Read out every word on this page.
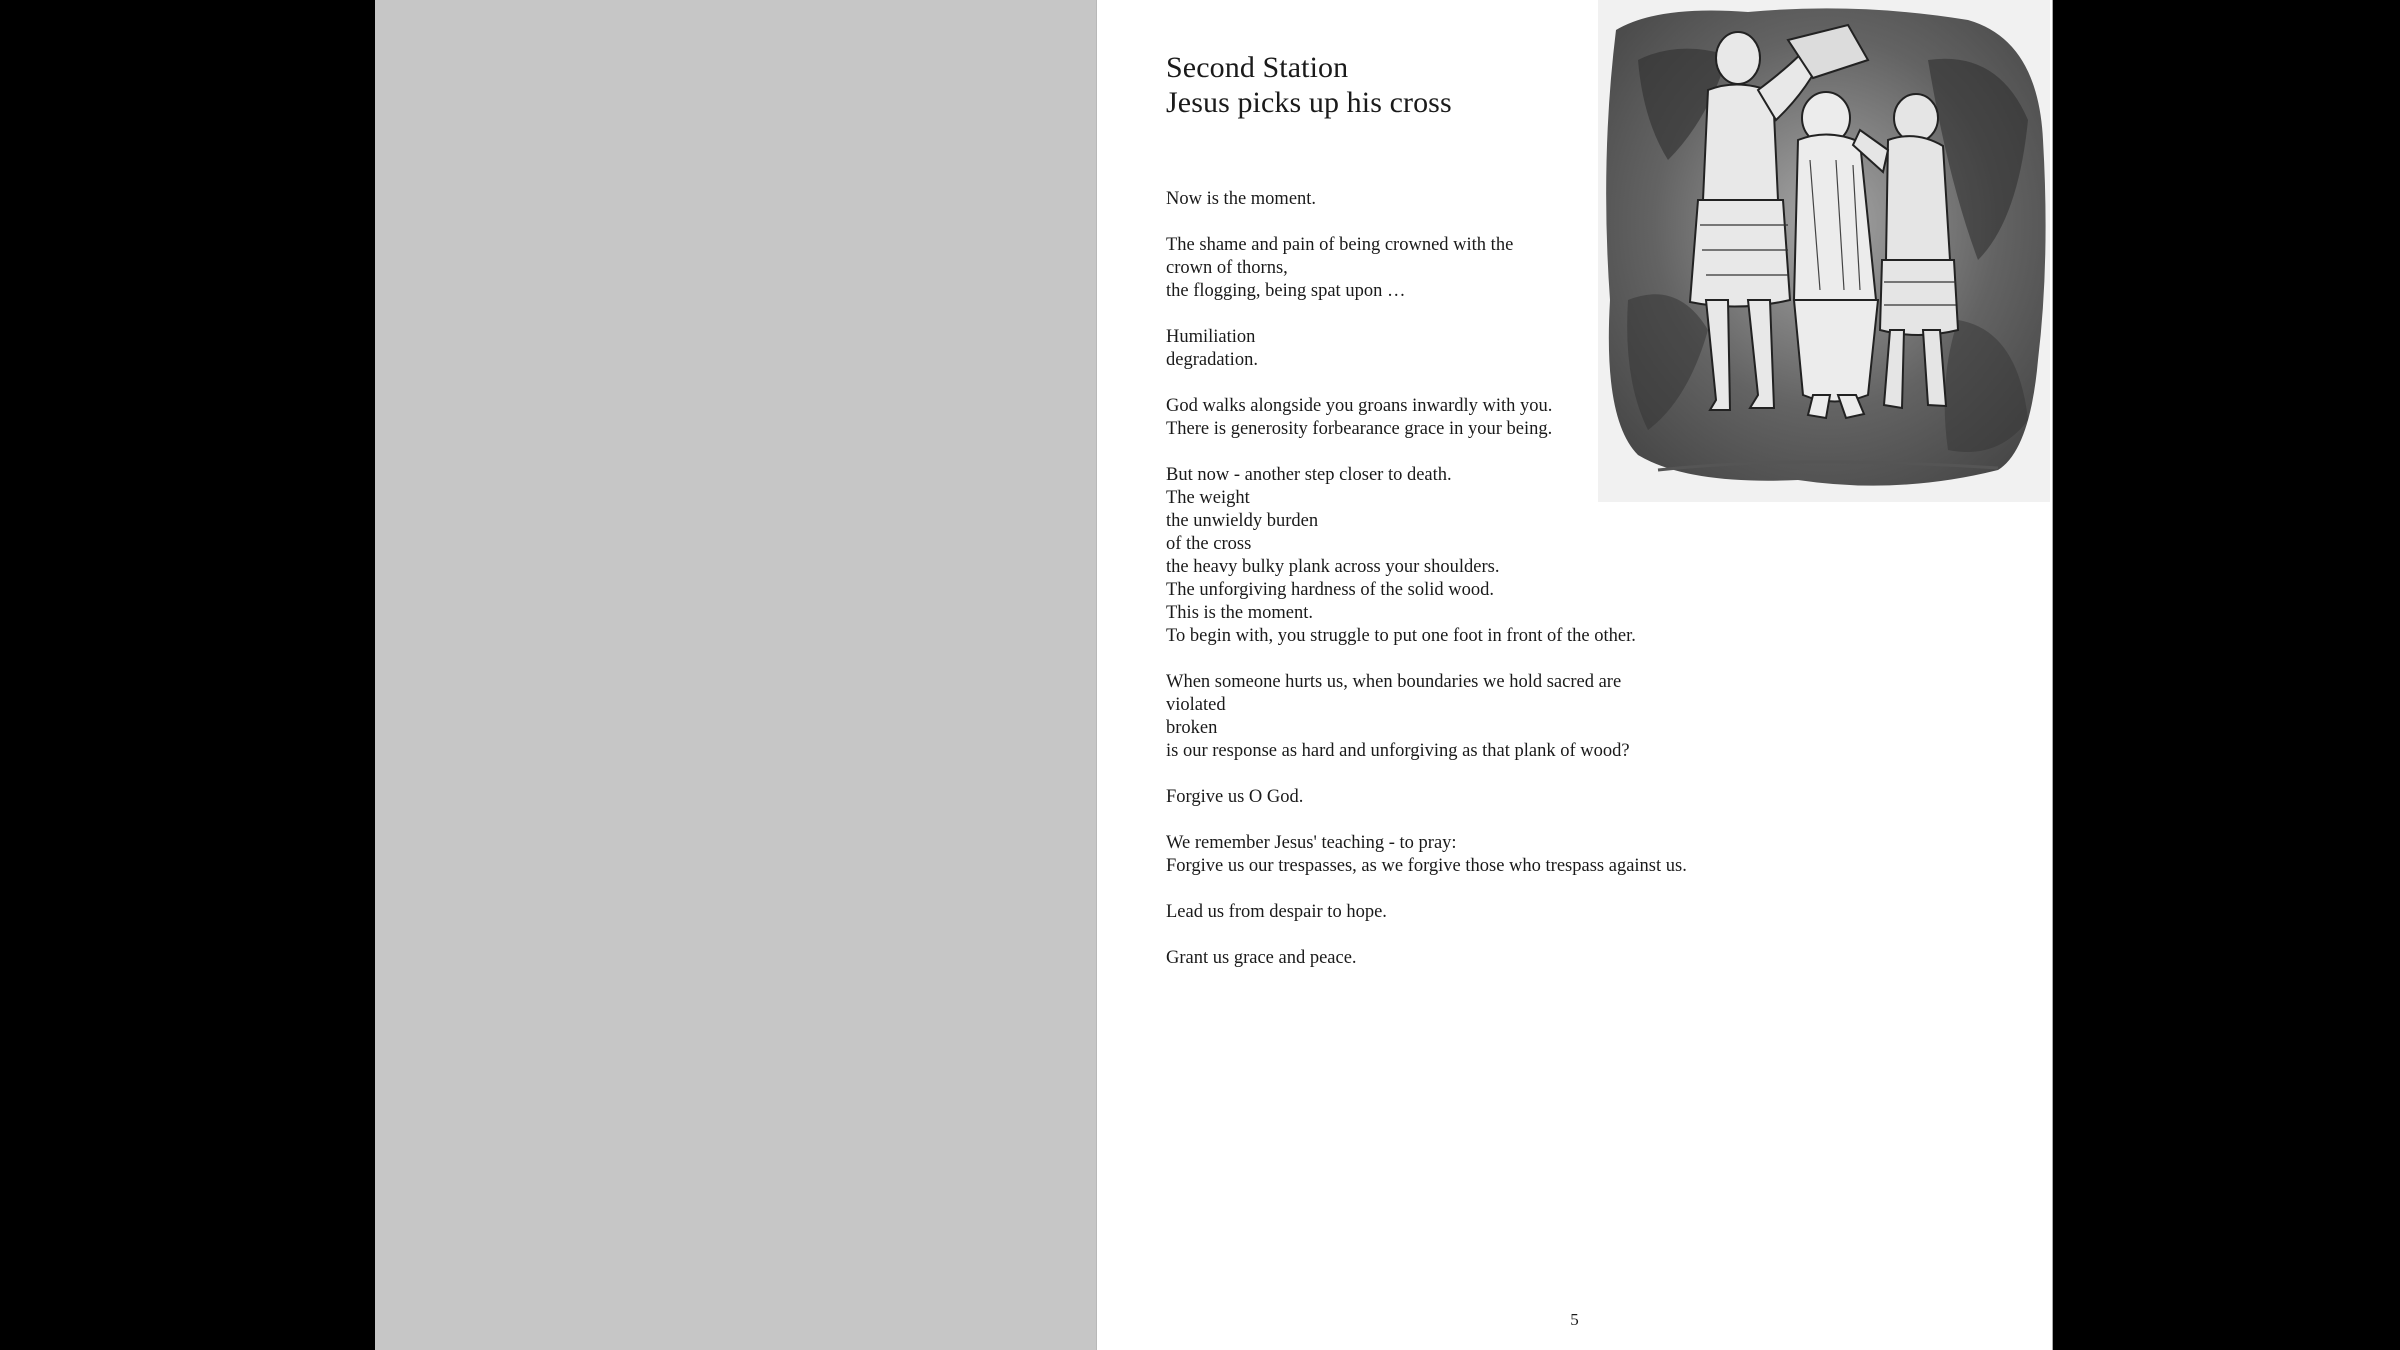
Second Station
Jesus picks up his cross
Now is the moment.
The shame and pain of being crowned with the
crown of thorns,
the flogging, being spat upon …
Humiliation
degradation.
God walks alongside you groans inwardly with you.
There is generosity forbearance grace in your being.
But now - another step closer to death.
The weight
the unwieldy burden
of the cross
the heavy bulky plank across your shoulders.
The unforgiving hardness of the solid wood.
This is the moment.
To begin with, you struggle to put one foot in front of the other.
When someone hurts us, when boundaries we hold sacred are
violated
broken
is our response as hard and unforgiving as that plank of wood?
Forgive us O God.
We remember Jesus' teaching - to pray:
Forgive us our trespasses, as we forgive those who trespass against us.
Lead us from despair to hope.
Grant us grace and peace.
5
